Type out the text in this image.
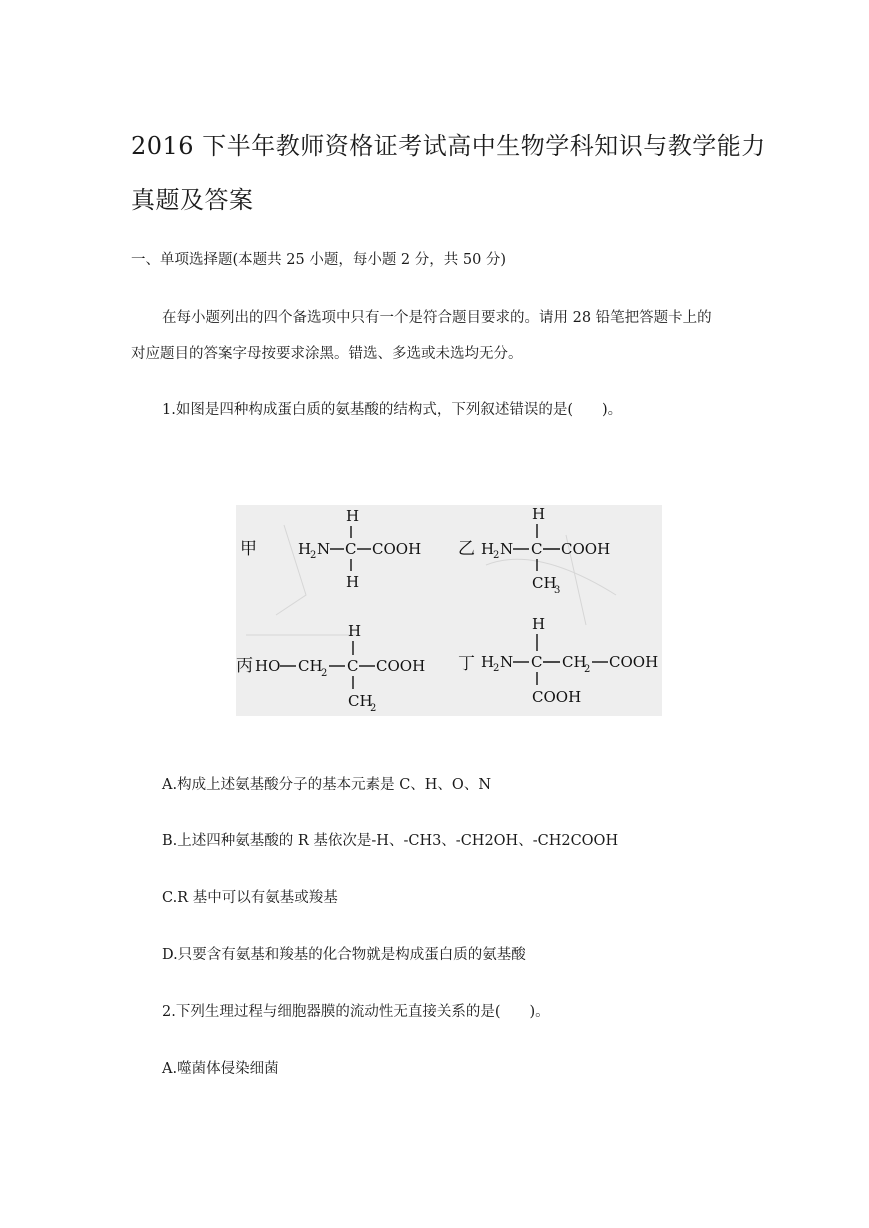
2016 下半年教师资格证考试高中生物学科知识与教学能力
真题及答案
一、单项选择题(本题共 25 小题，每小题 2 分，共 50 分)
在每小题列出的四个备选项中只有一个是符合题目要求的。请用 28 铅笔把答题卡上的
对应题目的答案字母按要求涂黑。错选、多选或未选均无分。
1.如图是四种构成蛋白质的氨基酸的结构式，下列叙述错误的是(　　)。
甲
H
H
2 N C COOH
H
乙
H
H
2 N C COOH
CH
3
丙
H
HO CH
2 C COOH
CH
2
丁
H
H
2 N C CH
2 COOH
COOH
A.构成上述氨基酸分子的基本元素是 C、H、O、N
B.上述四种氨基酸的 R 基依次是-H、-CH3、-CH2OH、-CH2COOH
C.R 基中可以有氨基或羧基
D.只要含有氨基和羧基的化合物就是构成蛋白质的氨基酸
2.下列生理过程与细胞器膜的流动性无直接关系的是(　　)。
A.噬菌体侵染细菌
